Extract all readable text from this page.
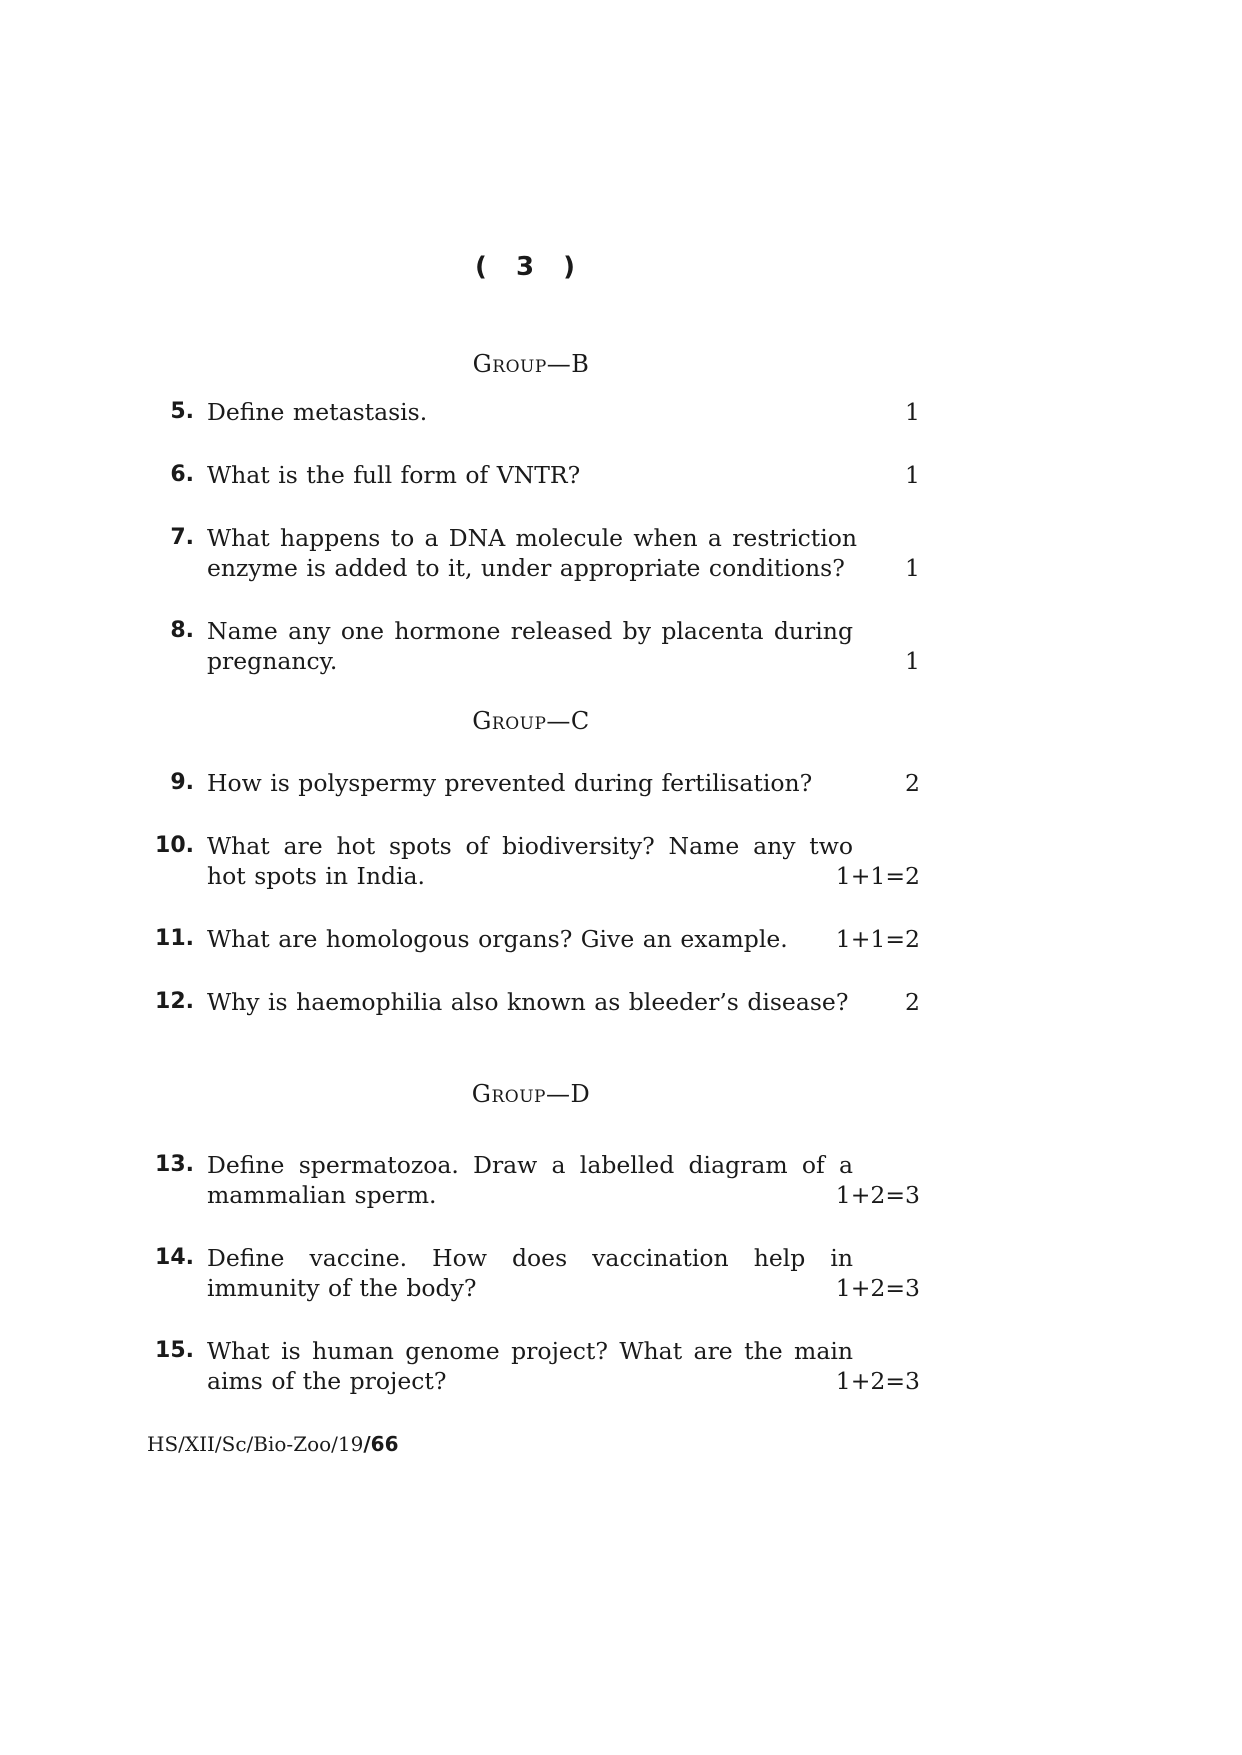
( 3 )
Group—B
5. Define metastasis.	1
6. What is the full form of VNTR?	1
7. What happens to a DNA molecule when a restriction enzyme is added to it, under appropriate conditions?	1
8. Name any one hormone released by placenta during pregnancy.	1
Group—C
9. How is polyspermy prevented during fertilisation?	2
10. What are hot spots of biodiversity? Name any two hot spots in India.	1+1=2
11. What are homologous organs? Give an example.	1+1=2
12. Why is haemophilia also known as bleeder’s disease? 2
Group—D
13. Define spermatozoa. Draw a labelled diagram of a mammalian sperm.	1+2=3
14. Define vaccine. How does vaccination help in immunity of the body?	1+2=3
15. What is human genome project? What are the main aims of the project?	1+2=3
HS/XII/Sc/Bio-Zoo/19/66
